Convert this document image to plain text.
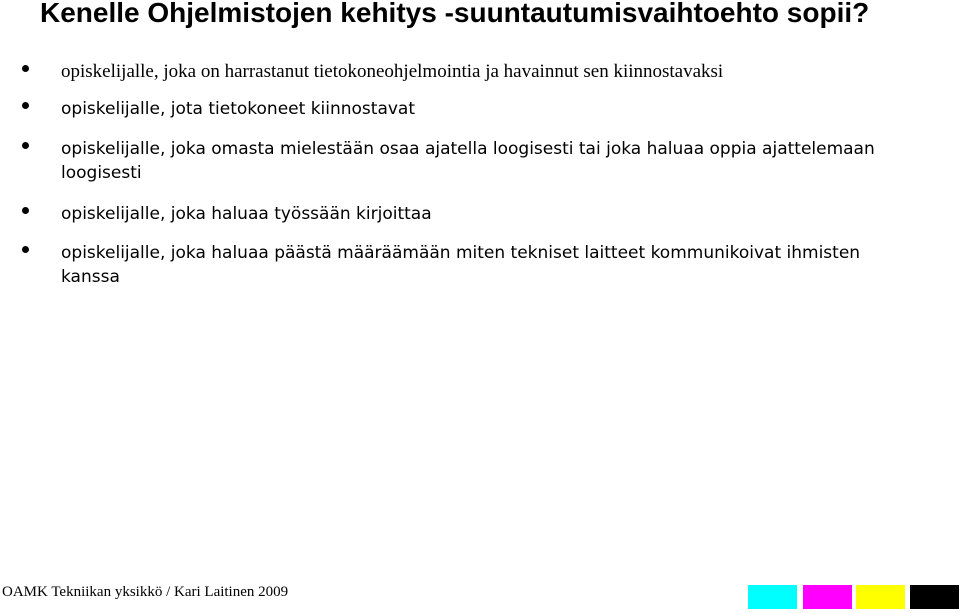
Kenelle Ohjelmistojen kehitys -suuntautumisvaihtoehto sopii?
opiskelijalle, joka on harrastanut tietokoneohjelmointia ja havainnut sen kiinnostavaksi
opiskelijalle, jota tietokoneet kiinnostavat
opiskelijalle, joka omasta mielestään osaa ajatella loogisesti tai joka haluaa oppia ajattelemaan loogisesti
opiskelijalle, joka haluaa työssään kirjoittaa
opiskelijalle, joka haluaa päästä määräämään miten tekniset laitteet kommunikoivat ihmisten kanssa
OAMK Tekniikan yksikkö / Kari Laitinen 2009
